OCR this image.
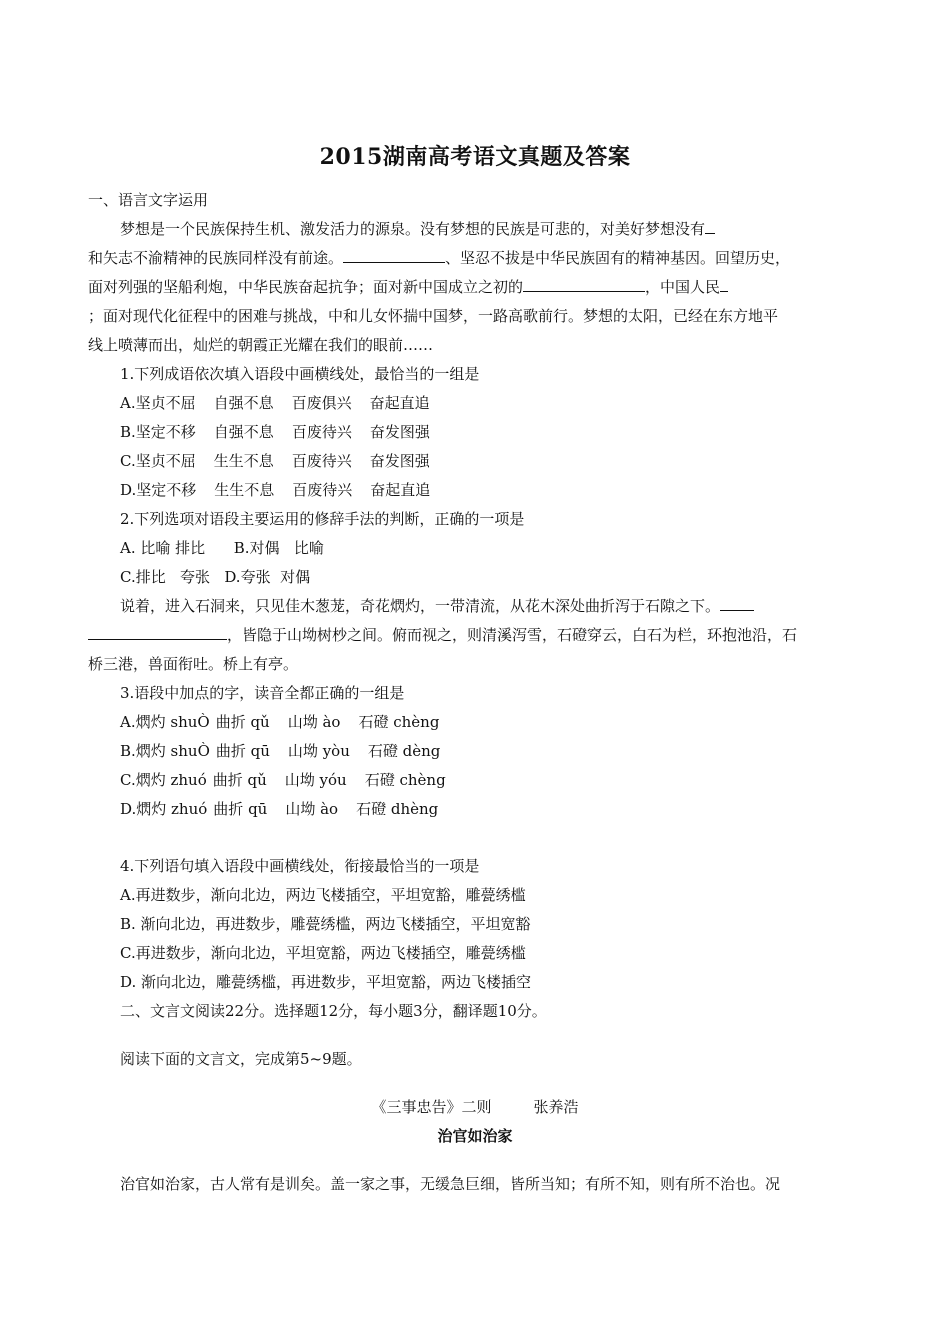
2015湖南高考语文真题及答案
一、语言文字运用
梦想是一个民族保持生机、激发活力的源泉。没有梦想的民族是可悲的，对美好梦想没有
和矢志不渝精神的民族同样没有前途。	、坚忍不拔是中华民族固有的精神基因。回望历史，
面对列强的坚船利炮，中华民族奋起抗争；面对新中国成立之初的	，中国人民
；面对现代化征程中的困难与挑战，中和儿女怀揣中国梦，一路高歌前行。梦想的太阳，已经在东方地平
线上喷薄而出，灿烂的朝霞正光耀在我们的眼前……
1.下列成语依次填入语段中画横线处，最恰当的一组是
A.坚贞不屈 自强不息 百废俱兴 奋起直追
B.坚定不移 自强不息 百废待兴 奋发图强
C.坚贞不屈 生生不息 百废待兴 奋发图强
D.坚定不移 生生不息 百废待兴 奋起直追
2.下列选项对语段主要运用的修辞手法的判断，正确的一项是
A. 比喻 排比      B.对偶   比喻
C.排比   夸张   D.夸张  对偶
说着，进入石洞来，只见佳木葱茏，奇花熌灼，一带清流，从花木深处曲折泻于石隙之下。
，皆隐于山坳树杪之间。俯而视之，则清溪泻雪，石磴穿云，白石为栏，环抱池沿，石
桥三港，兽面衔吐。桥上有亭。
3.语段中加点的字，读音全都正确的一组是
A.熌灼 shuÒ 曲折 qǔ 山坳 ào 石磴 chèng
B.熌灼 shuÒ 曲折 qū 山坳 yòu 石磴 dèng
C.熌灼 zhuó 曲折 qǔ 山坳 yóu 石磴 chèng
D.熌灼 zhuó 曲折 qū 山坳 ào 石磴 dhèng
4.下列语句填入语段中画横线处，衔接最恰当的一项是
A.再进数步，渐向北边，两边飞楼插空，平坦宽豁，雕甍绣槛
B. 渐向北边，再进数步，雕甍绣槛，两边飞楼插空，平坦宽豁
C.再进数步，渐向北边，平坦宽豁，两边飞楼插空，雕甍绣槛
D. 渐向北边，雕甍绣槛，再进数步，平坦宽豁，两边飞楼插空
二、文言文阅读22分。选择题12分，每小题3分，翻译题10分。
阅读下面的文言文，完成第5~9题。
《三事忠告》二则	张养浩
治官如治家
治官如治家，古人常有是训矣。盖一家之事，无缓急巨细，皆所当知；有所不知，则有所不治也。况
